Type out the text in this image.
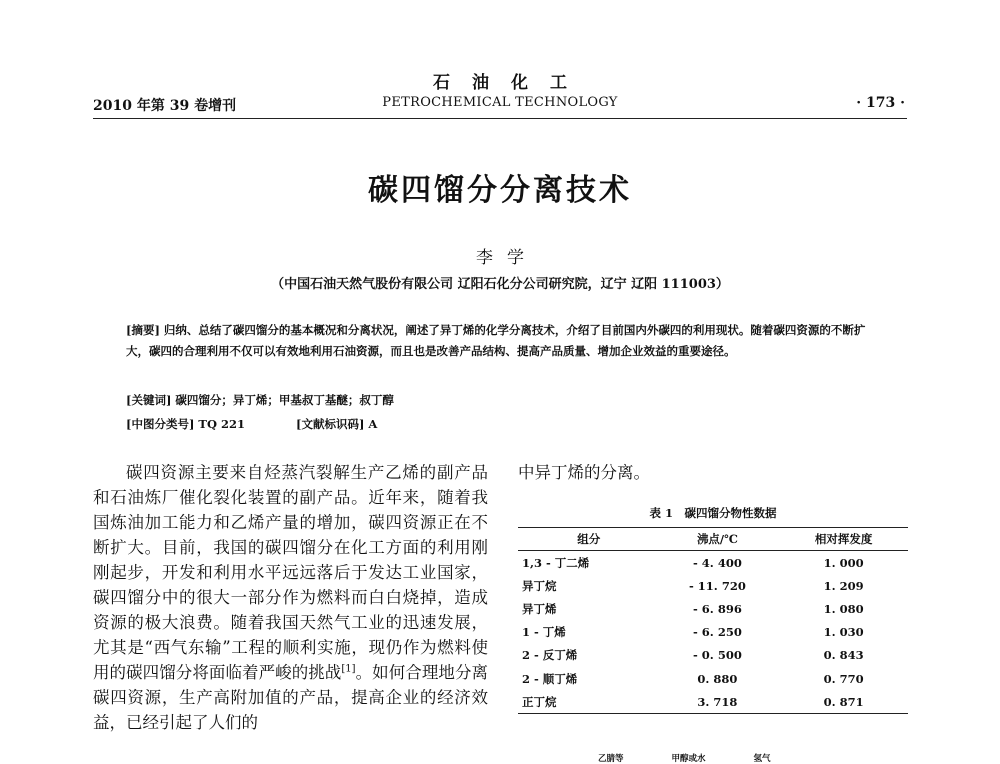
石油化工
2010 年第 39 卷增刊	PETROCHEMICAL TECHNOLOGY	· 173 ·
碳四馏分分离技术
李学
（中国石油天然气股份有限公司 辽阳石化分公司研究院，辽宁 辽阳 111003）
[摘要] 归纳、总结了碳四馏分的基本概况和分离状况，阐述了异丁烯的化学分离技术，介绍了目前国内外碳四的利用现状。随着碳四资源的不断扩大，碳四的合理利用不仅可以有效地利用石油资源，而且也是改善产品结构、提高产品质量、增加企业效益的重要途径。
[关键词] 碳四馏分；异丁烯；甲基叔丁基醚；叔丁醇
[中图分类号] TQ 221	[文献标识码] A

碳四资源主要来自烃蒸汽裂解生产乙烯的副产品和石油炼厂催化裂化装置的副产品。近年来，随着我国炼油加工能力和乙烯产量的增加，碳四资源正在不断扩大。目前，我国的碳四馏分在化工方面的利用刚刚起步，开发和利用水平远远落后于发达工业国家，碳四馏分中的很大一部分作为燃料而白白烧掉，造成资源的极大浪费。随着我国天然气工业的迅速发展，尤其是“西气东输”工程的顺利实施，现仍作为燃料使用的碳四馏分将面临着严峻的挑战[1]。如何合理地分离碳四资源，生产高附加值的产品，提高企业的经济效益，已经引起了人们的

中异丁烯的分离。
表 1　碳四馏分物性数据
组分	沸点/℃	相对挥发度
1,3 - 丁二烯	- 4. 400	1. 000
异丁烷	- 11. 720	1. 209
异丁烯	- 6. 896	1. 080
1 - 丁烯	- 6. 250	1. 030
2 - 反丁烯	- 0. 500	0. 843
2 - 顺丁烯	0. 880	0. 770
正丁烷	3. 718	0. 871
乙腈等	甲醇或水	氢气
